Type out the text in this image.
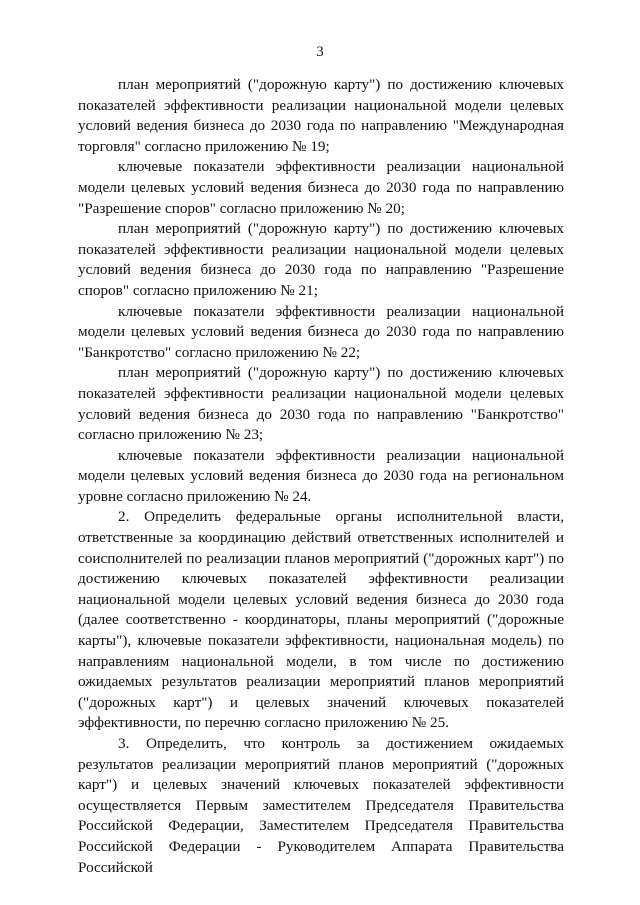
3

план мероприятий ("дорожную карту") по достижению ключевых показателей эффективности реализации национальной модели целевых условий ведения бизнеса до 2030 года по направлению "Международная торговля" согласно приложению № 19;

ключевые показатели эффективности реализации национальной модели целевых условий ведения бизнеса до 2030 года по направлению "Разрешение споров" согласно приложению № 20;

план мероприятий ("дорожную карту") по достижению ключевых показателей эффективности реализации национальной модели целевых условий ведения бизнеса до 2030 года по направлению "Разрешение споров" согласно приложению № 21;

ключевые показатели эффективности реализации национальной модели целевых условий ведения бизнеса до 2030 года по направлению "Банкротство" согласно приложению № 22;

план мероприятий ("дорожную карту") по достижению ключевых показателей эффективности реализации национальной модели целевых условий ведения бизнеса до 2030 года по направлению "Банкротство" согласно приложению № 23;

ключевые показатели эффективности реализации национальной модели целевых условий ведения бизнеса до 2030 года на региональном уровне согласно приложению № 24.

2. Определить федеральные органы исполнительной власти, ответственные за координацию действий ответственных исполнителей и соисполнителей по реализации планов мероприятий ("дорожных карт") по достижению ключевых показателей эффективности реализации национальной модели целевых условий ведения бизнеса до 2030 года (далее соответственно - координаторы, планы мероприятий ("дорожные карты"), ключевые показатели эффективности, национальная модель) по направлениям национальной модели, в том числе по достижению ожидаемых результатов реализации мероприятий планов мероприятий ("дорожных карт") и целевых значений ключевых показателей эффективности, по перечню согласно приложению № 25.

3. Определить, что контроль за достижением ожидаемых результатов реализации мероприятий планов мероприятий ("дорожных карт") и целевых значений ключевых показателей эффективности осуществляется Первым заместителем Председателя Правительства Российской Федерации, Заместителем Председателя Правительства Российской Федерации - Руководителем Аппарата Правительства Российской
